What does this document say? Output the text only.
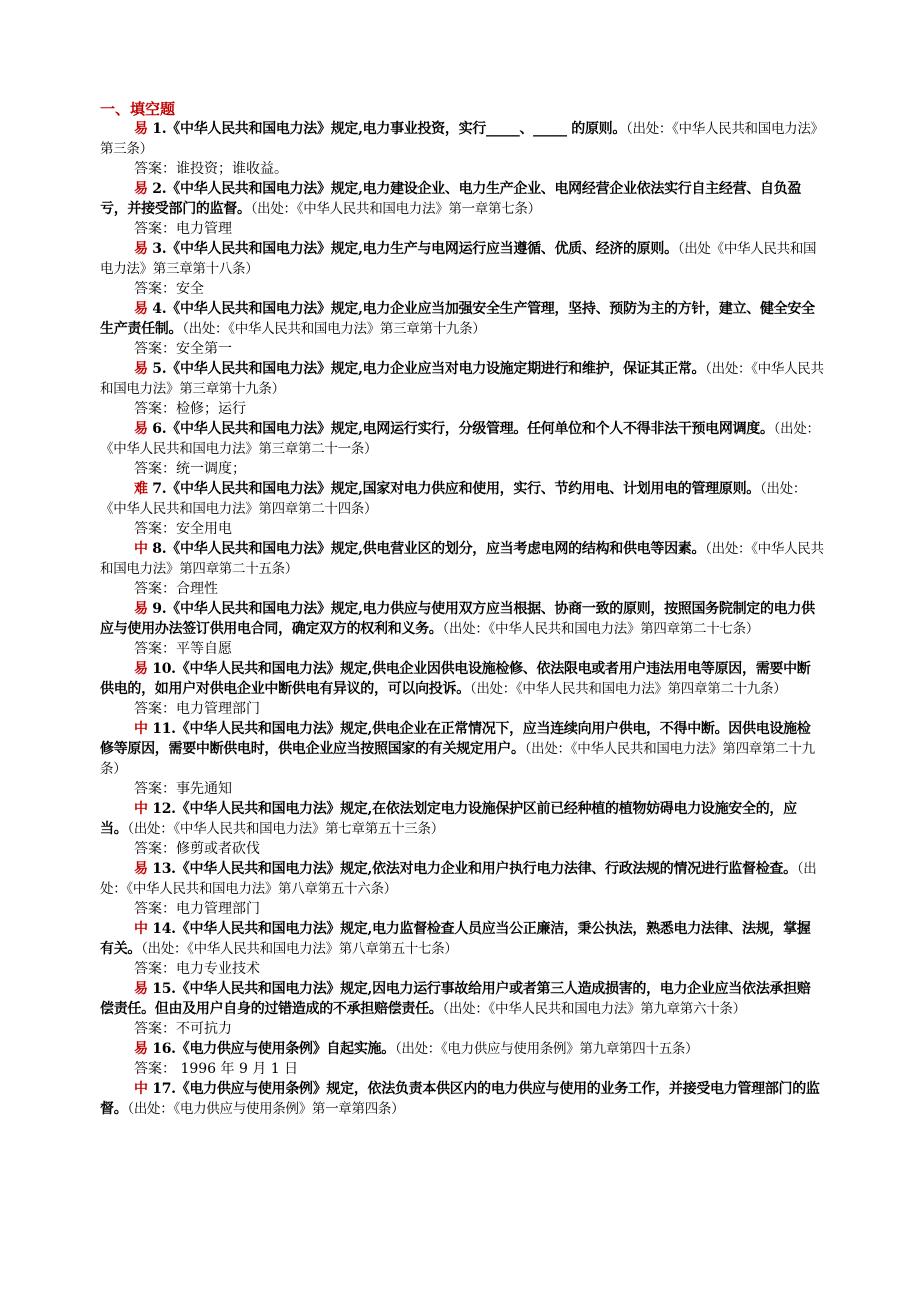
一、填空题
易 1.《中华人民共和国电力法》规定,电力事业投资，实行_____、_____ 的原则。（出处：《中华人民共和国电力法》第三条）
答案：谁投资；谁收益。
易 2.《中华人民共和国电力法》规定,电力建设企业、电力生产企业、电网经营企业依法实行自主经营、自负盈亏，并接受部门的监督。（出处：《中华人民共和国电力法》第一章第七条）
答案：电力管理
易 3.《中华人民共和国电力法》规定,电力生产与电网运行应当遵循、优质、经济的原则。（出处《中华人民共和国电力法》第三章第十八条）
答案：安全
易 4.《中华人民共和国电力法》规定,电力企业应当加强安全生产管理，坚持、预防为主的方针，建立、健全安全生产责任制。（出处：《中华人民共和国电力法》第三章第十九条）
答案：安全第一
易 5.《中华人民共和国电力法》规定,电力企业应当对电力设施定期进行和维护，保证其正常。（出处：《中华人民共和国电力法》第三章第十九条）
答案：检修；运行
易 6.《中华人民共和国电力法》规定,电网运行实行，分级管理。任何单位和个人不得非法干预电网调度。（出处：《中华人民共和国电力法》第三章第二十一条）
答案：统一调度；
难 7.《中华人民共和国电力法》规定,国家对电力供应和使用，实行、节约用电、计划用电的管理原则。（出处：《中华人民共和国电力法》第四章第二十四条）
答案：安全用电
中 8.《中华人民共和国电力法》规定,供电营业区的划分，应当考虑电网的结构和供电等因素。（出处：《中华人民共和国电力法》第四章第二十五条）
答案：合理性
易 9.《中华人民共和国电力法》规定,电力供应与使用双方应当根据、协商一致的原则，按照国务院制定的电力供应与使用办法签订供用电合同，确定双方的权利和义务。（出处：《中华人民共和国电力法》第四章第二十七条）
答案：平等自愿
易 10.《中华人民共和国电力法》规定,供电企业因供电设施检修、依法限电或者用户违法用电等原因，需要中断供电的，如用户对供电企业中断供电有异议的，可以向投诉。（出处：《中华人民共和国电力法》第四章第二十九条）
答案：电力管理部门
中 11.《中华人民共和国电力法》规定,供电企业在正常情况下，应当连续向用户供电，不得中断。因供电设施检修等原因，需要中断供电时，供电企业应当按照国家的有关规定用户。（出处：《中华人民共和国电力法》第四章第二十九条）
答案：事先通知
中 12.《中华人民共和国电力法》规定,在依法划定电力设施保护区前已经种植的植物妨碍电力设施安全的，应当。（出处：《中华人民共和国电力法》第七章第五十三条）
答案：修剪或者砍伐
易 13.《中华人民共和国电力法》规定,依法对电力企业和用户执行电力法律、行政法规的情况进行监督检查。（出处：《中华人民共和国电力法》第八章第五十六条）
答案：电力管理部门
中 14.《中华人民共和国电力法》规定,电力监督检查人员应当公正廉洁，秉公执法，熟悉电力法律、法规，掌握有关。（出处：《中华人民共和国电力法》第八章第五十七条）
答案：电力专业技术
易 15.《中华人民共和国电力法》规定,因电力运行事故给用户或者第三人造成损害的，电力企业应当依法承担赔偿责任。但由及用户自身的过错造成的不承担赔偿责任。（出处：《中华人民共和国电力法》第九章第六十条）
答案：不可抗力
易 16.《电力供应与使用条例》自起实施。（出处：《电力供应与使用条例》第九章第四十五条）
答案： 1996 年 9 月 1 日
中 17.《电力供应与使用条例》规定，依法负责本供区内的电力供应与使用的业务工作，并接受电力管理部门的监督。（出处：《电力供应与使用条例》第一章第四条）
